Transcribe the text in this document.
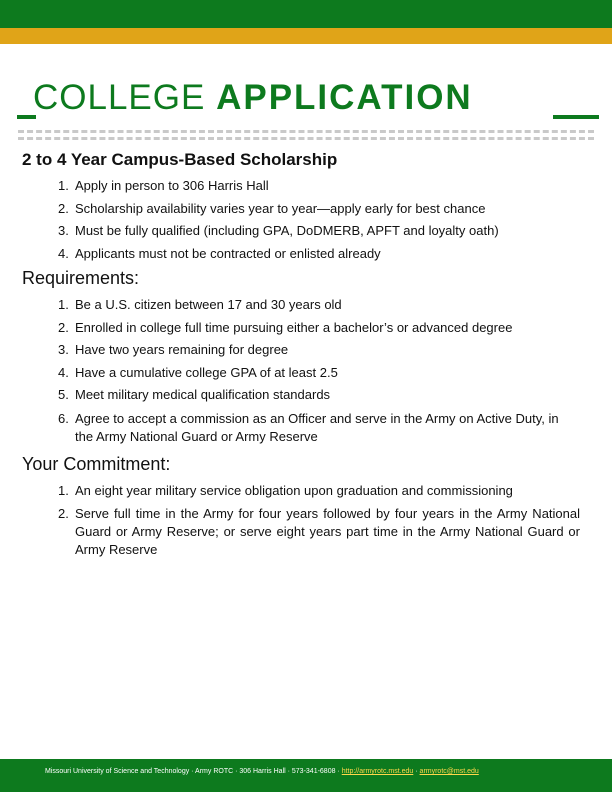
COLLEGE APPLICATION
2 to 4 Year Campus-Based Scholarship
1. Apply in person to 306 Harris Hall
2. Scholarship availability varies year to year—apply early for best chance
3. Must be fully qualified (including GPA, DoDMERB, APFT and loyalty oath)
4. Applicants must not be contracted or enlisted already
Requirements:
1. Be a U.S. citizen between 17 and 30 years old
2. Enrolled in college full time pursuing either a bachelor’s or advanced degree
3. Have two years remaining for degree
4. Have a cumulative college GPA of at least 2.5
5. Meet military medical qualification standards
6. Agree to accept a commission as an Officer and serve in the Army on Active Duty, in the Army National Guard or Army Reserve
Your Commitment:
1. An eight year military service obligation upon graduation and commissioning
2. Serve full time in the Army for four years followed by four years in the Army National Guard or Army Reserve; or serve eight years part time in the Army National Guard or Army Reserve
Missouri University of Science and Technology · Army ROTC · 306 Harris Hall · 573-341-6808 · http://armyrotc.mst.edu · armyrotc@mst.edu
